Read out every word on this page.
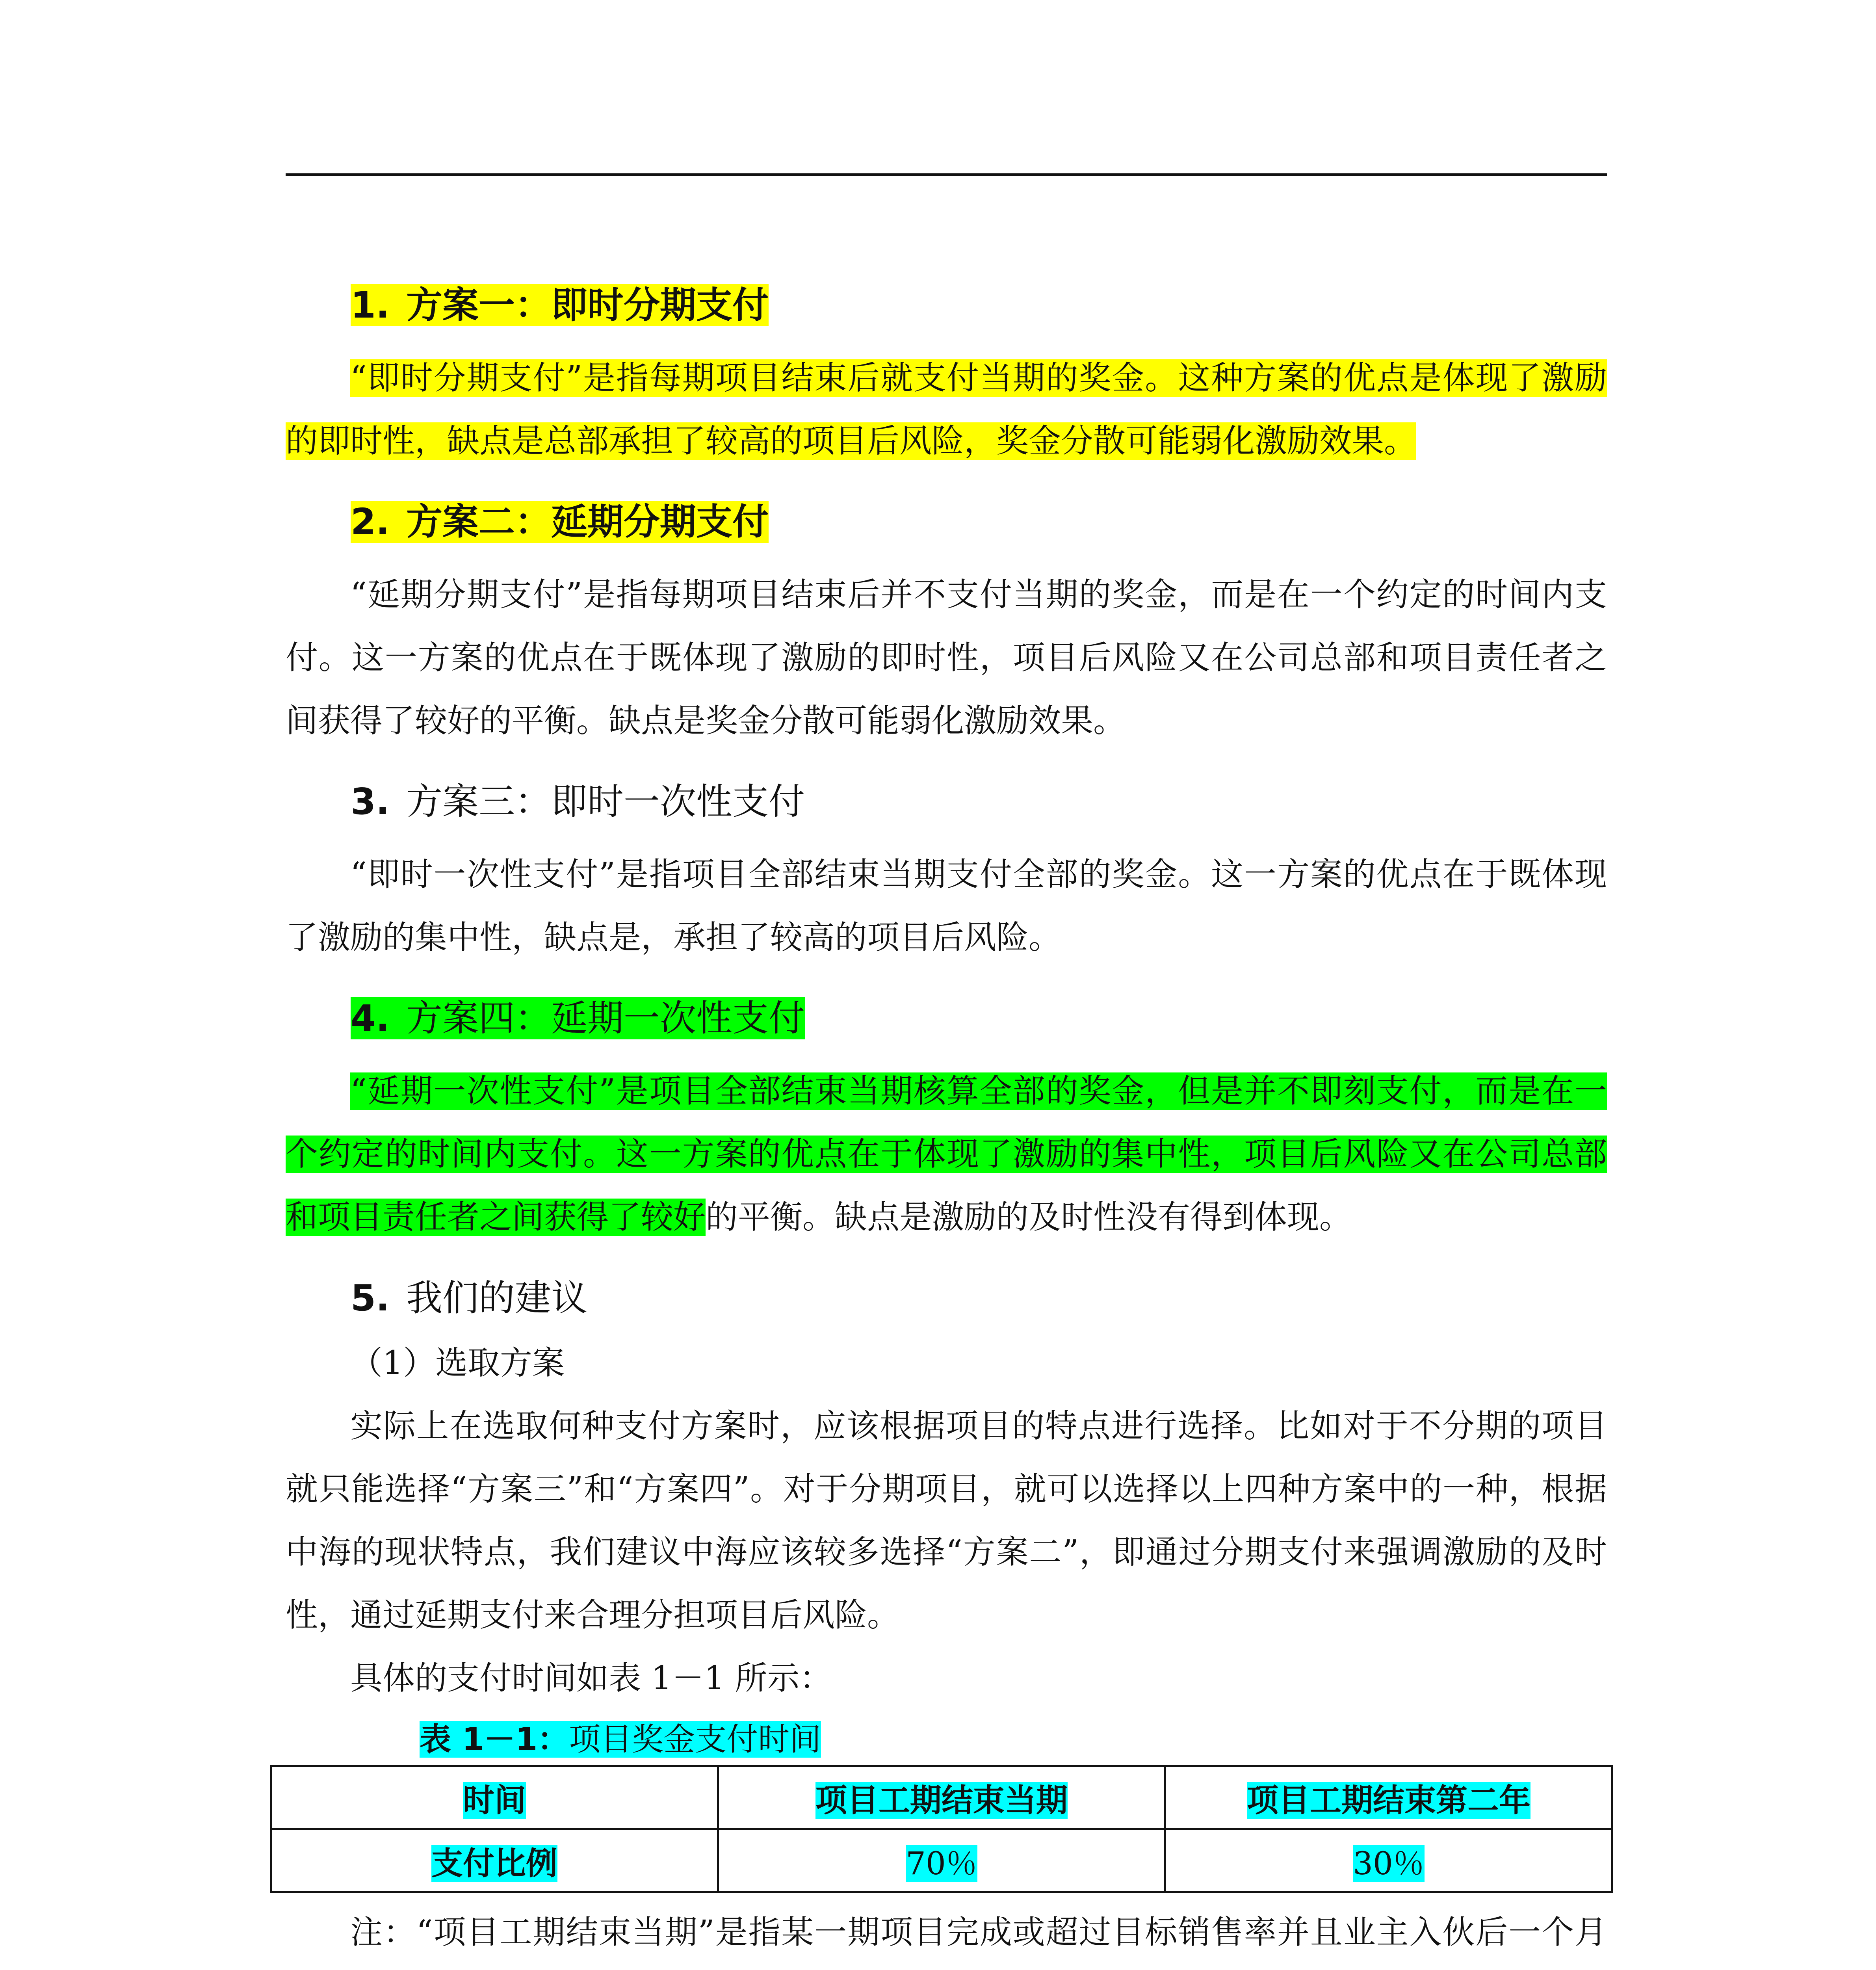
1. 方案一：即时分期支付

“即时分期支付”是指每期项目结束后就支付当期的奖金。这种方案的优点是体现了激励的即时性，缺点是总部承担了较高的项目后风险，奖金分散可能弱化激励效果。

2. 方案二：延期分期支付

“延期分期支付”是指每期项目结束后并不支付当期的奖金，而是在一个约定的时间内支付。这一方案的优点在于既体现了激励的即时性，项目后风险又在公司总部和项目责任者之间获得了较好的平衡。缺点是奖金分散可能弱化激励效果。

3. 方案三：即时一次性支付

“即时一次性支付”是指项目全部结束当期支付全部的奖金。这一方案的优点在于既体现了激励的集中性，缺点是，承担了较高的项目后风险。

4. 方案四：延期一次性支付

“延期一次性支付”是项目全部结束当期核算全部的奖金，但是并不即刻支付，而是在一个约定的时间内支付。这一方案的优点在于体现了激励的集中性，项目后风险又在公司总部和项目责任者之间获得了较好的平衡。缺点是激励的及时性没有得到体现。

5. 我们的建议

（1）选取方案

实际上在选取何种支付方案时，应该根据项目的特点进行选择。比如对于不分期的项目就只能选择“方案三”和“方案四”。对于分期项目，就可以选择以上四种方案中的一种，根据中海的现状特点，我们建议中海应该较多选择“方案二”，即通过分期支付来强调激励的及时性，通过延期支付来合理分担项目后风险。

具体的支付时间如表 1－1 所示：

表 1－1：项目奖金支付时间

时间	项目工期结束当期	项目工期结束第二年
支付比例	70％	30％

注：“项目工期结束当期”是指某一期项目完成或超过目标销售率并且业主入伙后一个月
